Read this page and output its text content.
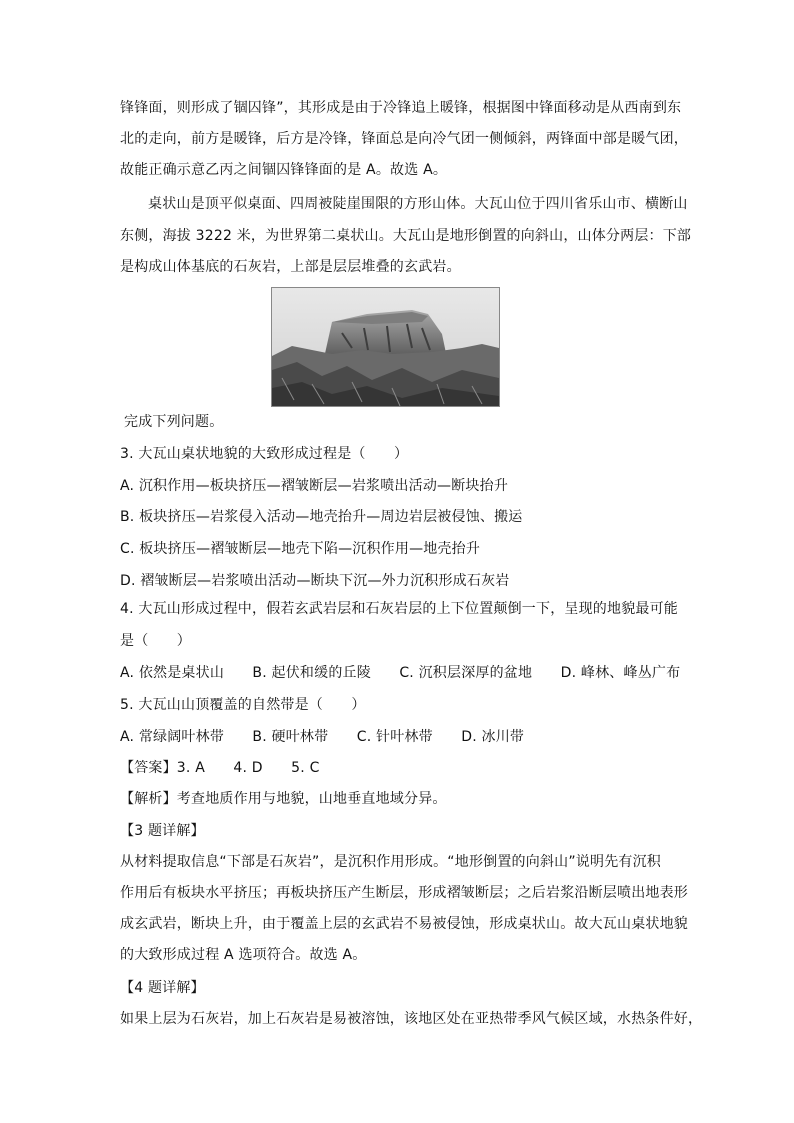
锋锋面，则形成了锢囚锋”，其形成是由于冷锋追上暖锋，根据图中锋面移动是从西南到东
北的走向，前方是暖锋，后方是冷锋，锋面总是向冷气团一侧倾斜，两锋面中部是暖气团，
故能正确示意乙丙之间锢囚锋锋面的是 A。故选 A。
桌状山是顶平似桌面、四周被陡崖围限的方形山体。大瓦山位于四川省乐山市、横断山
东侧，海拔 3222 米，为世界第二桌状山。大瓦山是地形倒置的向斜山，山体分两层：下部
是构成山体基底的石灰岩，上部是层层堆叠的玄武岩。
完成下列问题。
3. 大瓦山桌状地貌的大致形成过程是（　　）
A. 沉积作用—板块挤压—褶皱断层—岩浆喷出活动—断块抬升
B. 板块挤压—岩浆侵入活动—地壳抬升—周边岩层被侵蚀、搬运
C. 板块挤压—褶皱断层—地壳下陷—沉积作用—地壳抬升
D. 褶皱断层—岩浆喷出活动—断块下沉—外力沉积形成石灰岩
4. 大瓦山形成过程中，假若玄武岩层和石灰岩层的上下位置颠倒一下，呈现的地貌最可能
是（　　）
A. 依然是桌状山　　B. 起伏和缓的丘陵　　C. 沉积层深厚的盆地　　D. 峰林、峰丛广布
5. 大瓦山山顶覆盖的自然带是（　　）
A. 常绿阔叶林带　　B. 硬叶林带　　C. 针叶林带　　D. 冰川带
【答案】3. A　　4. D　　5. C
【解析】考查地质作用与地貌，山地垂直地域分异。
【3 题详解】
从材料提取信息“下部是石灰岩”，是沉积作用形成。“地形倒置的向斜山”说明先有沉积
作用后有板块水平挤压；再板块挤压产生断层，形成褶皱断层；之后岩浆沿断层喷出地表形
成玄武岩，断块上升，由于覆盖上层的玄武岩不易被侵蚀，形成桌状山。故大瓦山桌状地貌
的大致形成过程 A 选项符合。故选 A。
【4 题详解】
如果上层为石灰岩，加上石灰岩是易被溶蚀，该地区处在亚热带季风气候区域，水热条件好，
